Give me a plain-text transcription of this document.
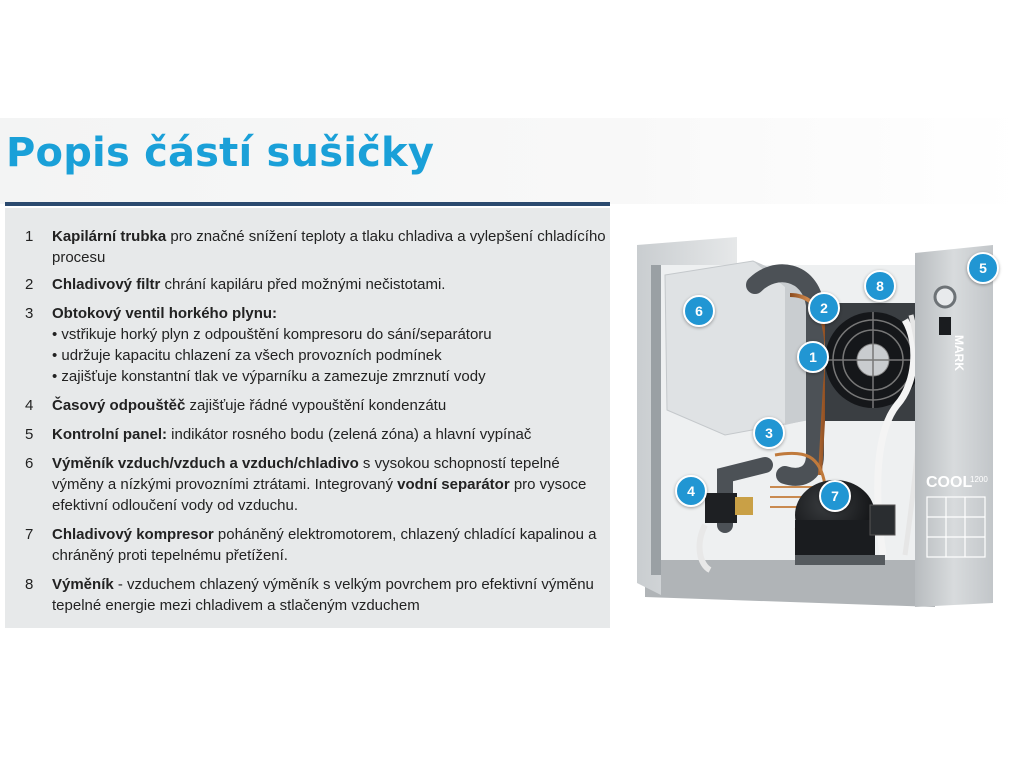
Popis částí sušičky
1	Kapilární trubka pro značné snížení teploty a tlaku chladiva a vylepšení chladícího procesu
2	Chladivový filtr chrání kapiláru před možnými nečistotami.
3	Obtokový ventil horkého plynu:
• vstřikuje horký plyn z odpouštění kompresoru do sání/separátoru
• udržuje kapacitu chlazení za všech provozních podmínek
• zajišťuje konstantní tlak ve výparníku a zamezuje zmrznutí vody
4	Časový odpouštěč zajišťuje řádné vypouštění kondenzátu
5	Kontrolní panel: indikátor rosného bodu (zelená zóna) a hlavní vypínač
6	Výměník vzduch/vzduch a vzduch/chladivo s vysokou schopností tepelné výměny a nízkými provozními ztrátami. Integrovaný vodní separátor pro vysoce efektivní odloučení vody od vzduchu.
7	Chladivový kompresor poháněný elektromotorem, chlazený chladící kapalinou a chráněný proti tepelnému přetížení.
8	Výměník - vzduchem chlazený výměník s velkým povrchem pro efektivní výměnu tepelné energie mezi chladivem a stlačeným vzduchem
MARK
COOL
1200
1
2
3
4
5
6
7
8
